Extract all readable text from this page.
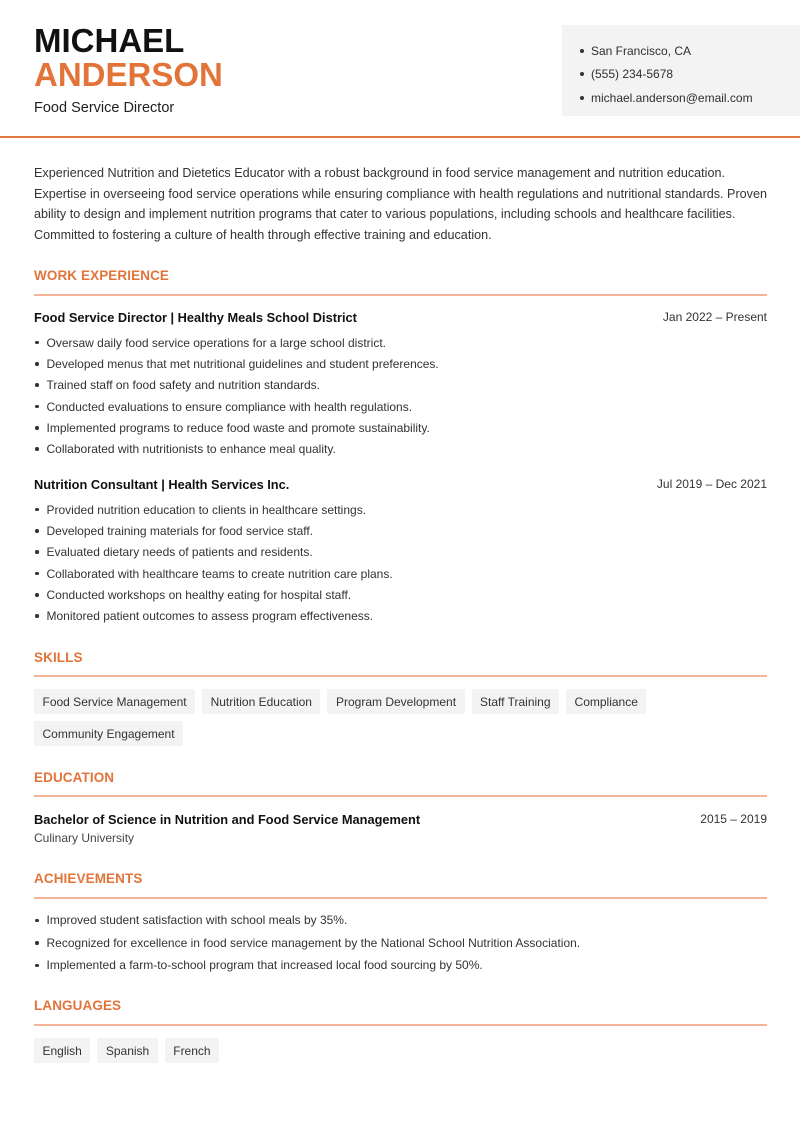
MICHAEL
ANDERSON
Food Service Director
San Francisco, CA
(555) 234-5678
michael.anderson@email.com
Experienced Nutrition and Dietetics Educator with a robust background in food service management and nutrition education. Expertise in overseeing food service operations while ensuring compliance with health regulations and nutritional standards. Proven ability to design and implement nutrition programs that cater to various populations, including schools and healthcare facilities. Committed to fostering a culture of health through effective training and education.
WORK EXPERIENCE
Food Service Director | Healthy Meals School District	Jan 2022 – Present
Oversaw daily food service operations for a large school district.
Developed menus that met nutritional guidelines and student preferences.
Trained staff on food safety and nutrition standards.
Conducted evaluations to ensure compliance with health regulations.
Implemented programs to reduce food waste and promote sustainability.
Collaborated with nutritionists to enhance meal quality.
Nutrition Consultant | Health Services Inc.	Jul 2019 – Dec 2021
Provided nutrition education to clients in healthcare settings.
Developed training materials for food service staff.
Evaluated dietary needs of patients and residents.
Collaborated with healthcare teams to create nutrition care plans.
Conducted workshops on healthy eating for hospital staff.
Monitored patient outcomes to assess program effectiveness.
SKILLS
Food Service Management	Nutrition Education	Program Development	Staff Training	Compliance
Community Engagement
EDUCATION
Bachelor of Science in Nutrition and Food Service Management	2015 – 2019
Culinary University
ACHIEVEMENTS
Improved student satisfaction with school meals by 35%.
Recognized for excellence in food service management by the National School Nutrition Association.
Implemented a farm-to-school program that increased local food sourcing by 50%.
LANGUAGES
English	Spanish	French
